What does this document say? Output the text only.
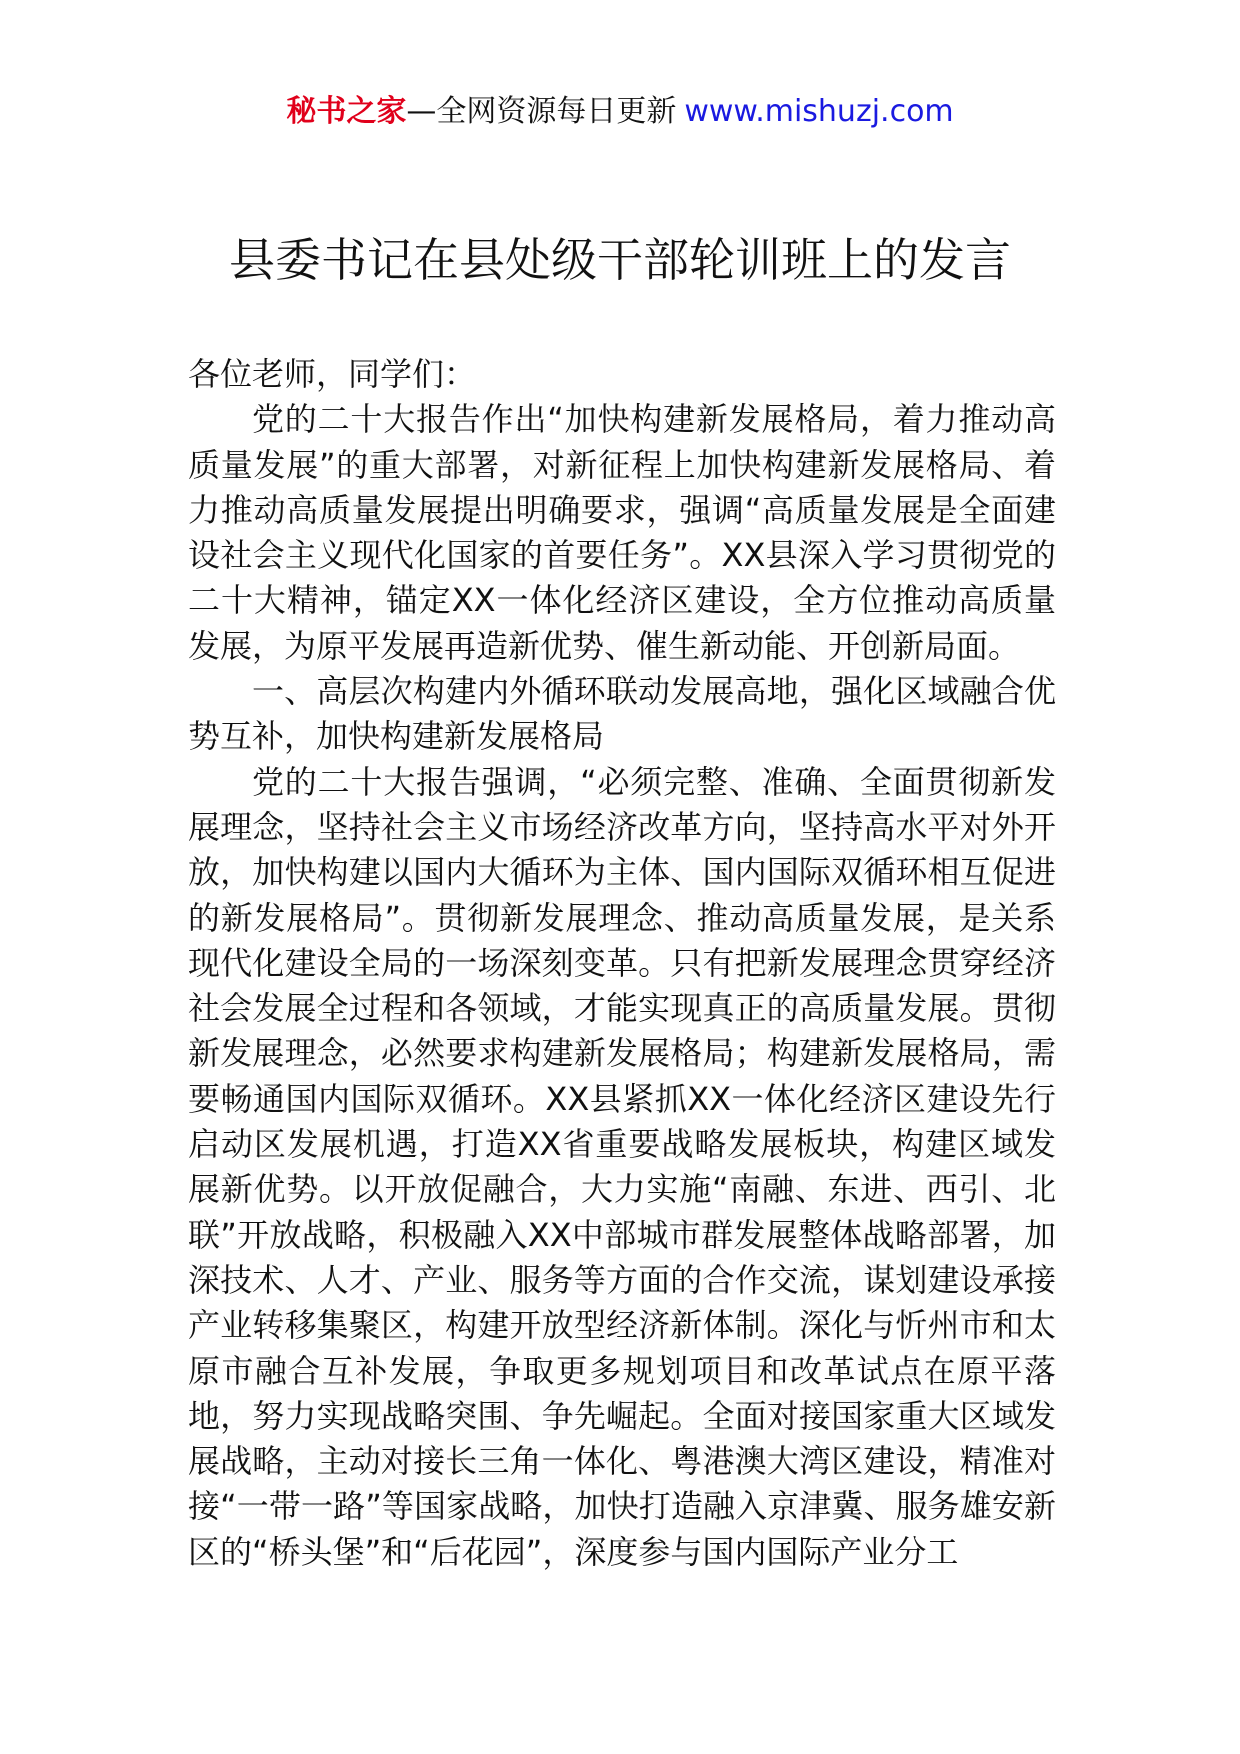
秘书之家—全网资源每日更新 www.mishuzj.com
县委书记在县处级干部轮训班上的发言

各位老师，同学们：

党的二十大报告作出“加快构建新发展格局，着力推动高质量发展”的重大部署，对新征程上加快构建新发展格局、着力推动高质量发展提出明确要求，强调“高质量发展是全面建设社会主义现代化国家的首要任务”。XX县深入学习贯彻党的二十大精神，锚定XX一体化经济区建设，全方位推动高质量发展，为原平发展再造新优势、催生新动能、开创新局面。

一、高层次构建内外循环联动发展高地，强化区域融合优势互补，加快构建新发展格局

党的二十大报告强调，“必须完整、准确、全面贯彻新发展理念，坚持社会主义市场经济改革方向，坚持高水平对外开放，加快构建以国内大循环为主体、国内国际双循环相互促进的新发展格局”。贯彻新发展理念、推动高质量发展，是关系现代化建设全局的一场深刻变革。只有把新发展理念贯穿经济社会发展全过程和各领域，才能实现真正的高质量发展。贯彻新发展理念，必然要求构建新发展格局；构建新发展格局，需要畅通国内国际双循环。XX县紧抓XX一体化经济区建设先行启动区发展机遇，打造XX省重要战略发展板块，构建区域发展新优势。以开放促融合，大力实施“南融、东进、西引、北联”开放战略，积极融入XX中部城市群发展整体战略部署，加深技术、人才、产业、服务等方面的合作交流，谋划建设承接产业转移集聚区，构建开放型经济新体制。深化与忻州市和太原市融合互补发展，争取更多规划项目和改革试点在原平落地，努力实现战略突围、争先崛起。全面对接国家重大区域发展战略，主动对接长三角一体化、粤港澳大湾区建设，精准对接“一带一路”等国家战略，加快打造融入京津冀、服务雄安新区的“桥头堡”和“后花园”，深度参与国内国际产业分工
